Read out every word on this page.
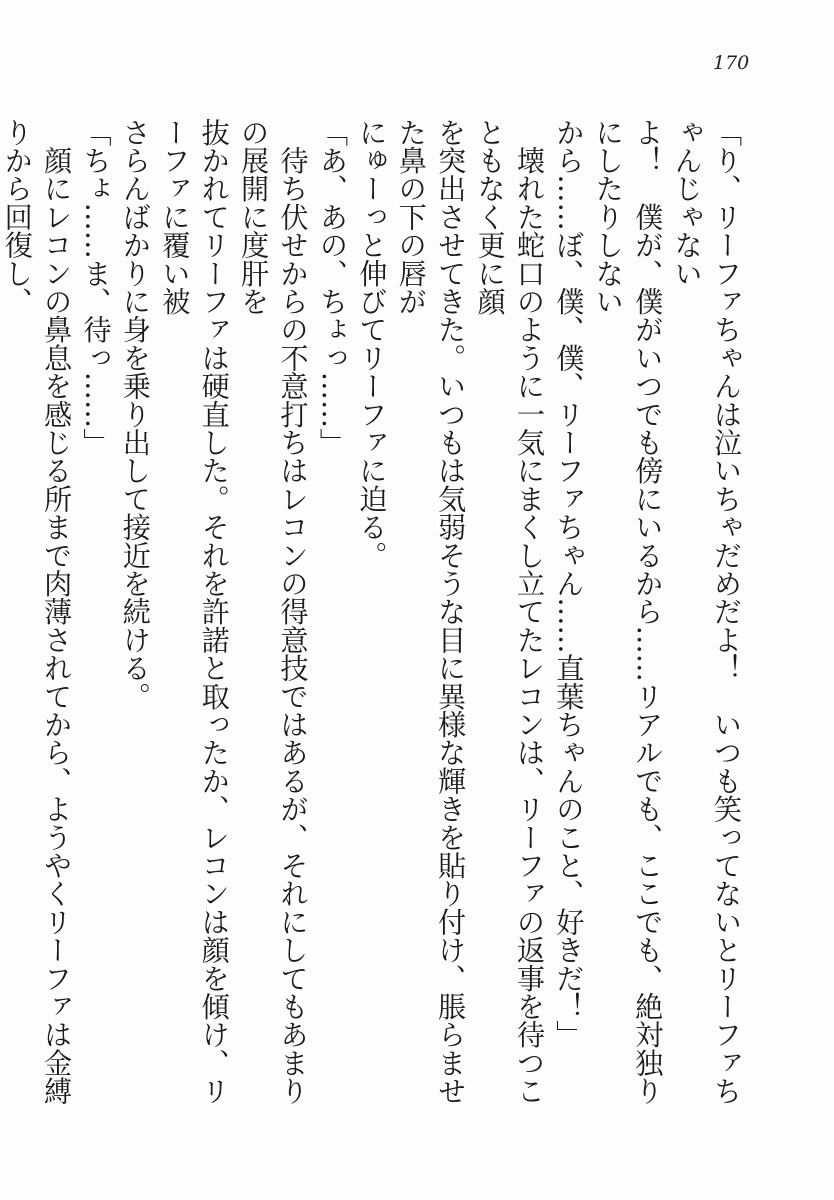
170
「り、リーファちゃんは泣いちゃだめだよ！　いつも笑ってないとリーファちゃんじゃない
よ！　僕が、僕がいつでも傍にいるから……リアルでも、ここでも、絶対独りにしたりしない
から……ぼ、僕、僕、リーファちゃん……直葉ちゃんのこと、好きだ！」
　壊れた蛇口のように一気にまくし立てたレコンは、リーファの返事を待つこともなく更に顔
を突出させてきた。いつもは気弱そうな目に異様な輝きを貼り付け、脹らませた鼻の下の唇が
にゅーっと伸びてリーファに迫る。
「あ、あの、ちょっ……」
　待ち伏せからの不意打ちはレコンの得意技ではあるが、それにしてもあまりの展開に度肝を
抜かれてリーファは硬直した。それを許諾と取ったか、レコンは顔を傾け、リーファに覆い被
さらんばかりに身を乗り出して接近を続ける。
「ちょ……ま、待っ……」
　顔にレコンの鼻息を感じる所まで肉薄されてから、ようやくリーファは金縛りから回復し、
